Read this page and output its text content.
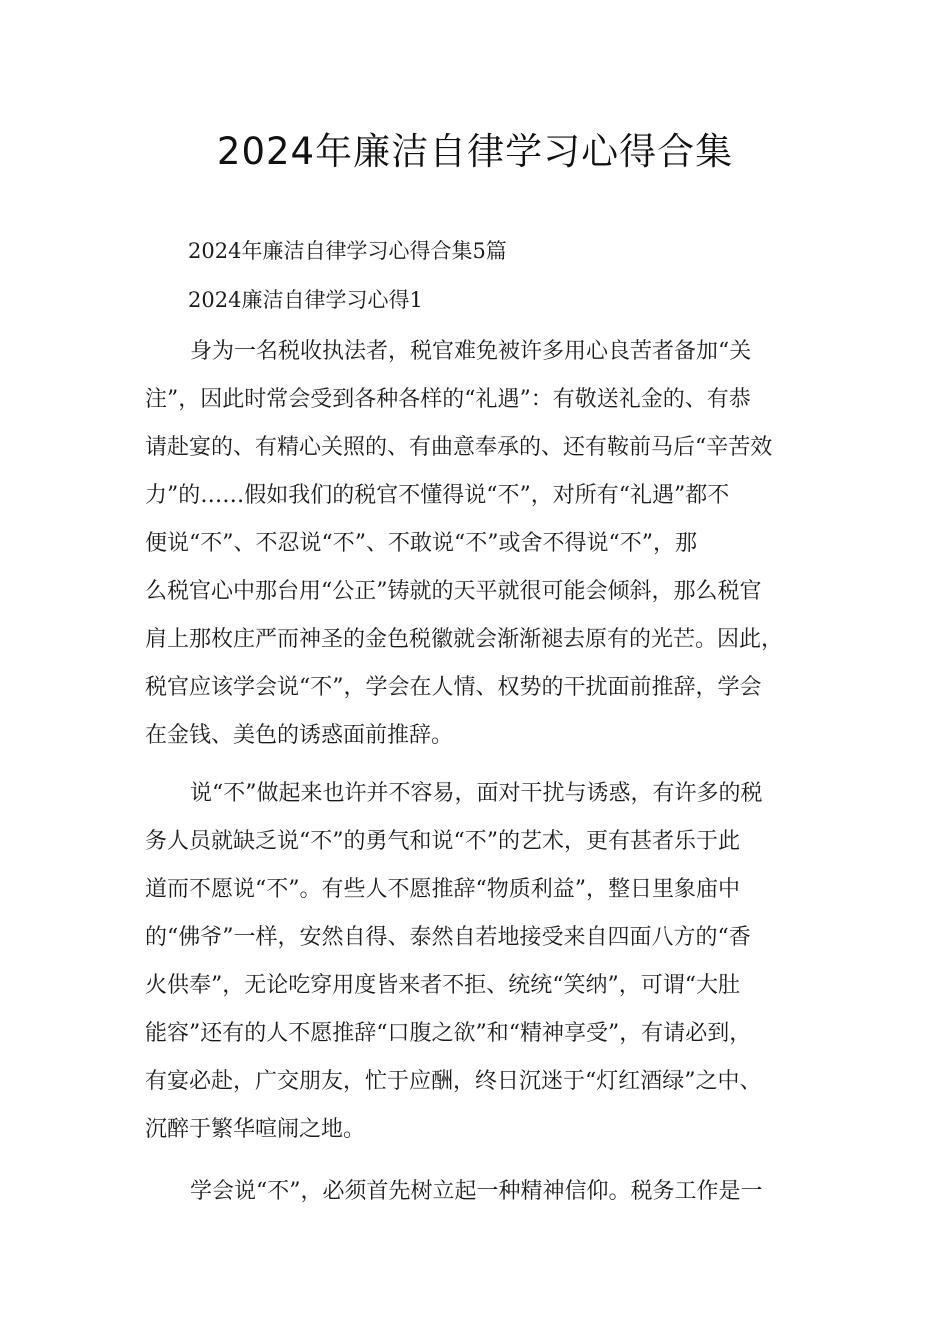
2024年廉洁自律学习心得合集

2024年廉洁自律学习心得合集5篇

2024廉洁自律学习心得1

身为一名税收执法者，税官难免被许多用心良苦者备加“关

注”，因此时常会受到各种各样的“礼遇”：有敬送礼金的、有恭

请赴宴的、有精心关照的、有曲意奉承的、还有鞍前马后“辛苦效

力”的……假如我们的税官不懂得说“不”，对所有“礼遇”都不

便说“不”、不忍说“不”、不敢说“不”或舍不得说“不”，那

么税官心中那台用“公正”铸就的天平就很可能会倾斜，那么税官

肩上那枚庄严而神圣的金色税徽就会渐渐褪去原有的光芒。因此，

税官应该学会说“不”，学会在人情、权势的干扰面前推辞，学会

在金钱、美色的诱惑面前推辞。

说“不”做起来也许并不容易，面对干扰与诱惑，有许多的税

务人员就缺乏说“不”的勇气和说“不”的艺术，更有甚者乐于此

道而不愿说“不”。有些人不愿推辞“物质利益”，整日里象庙中

的“佛爷”一样，安然自得、泰然自若地接受来自四面八方的“香

火供奉”，无论吃穿用度皆来者不拒、统统“笑纳”，可谓“大肚

能容”还有的人不愿推辞“口腹之欲”和“精神享受”，有请必到，

有宴必赴，广交朋友，忙于应酬，终日沉迷于“灯红酒绿”之中、

沉醉于繁华喧闹之地。

学会说“不”，必须首先树立起一种精神信仰。税务工作是一
